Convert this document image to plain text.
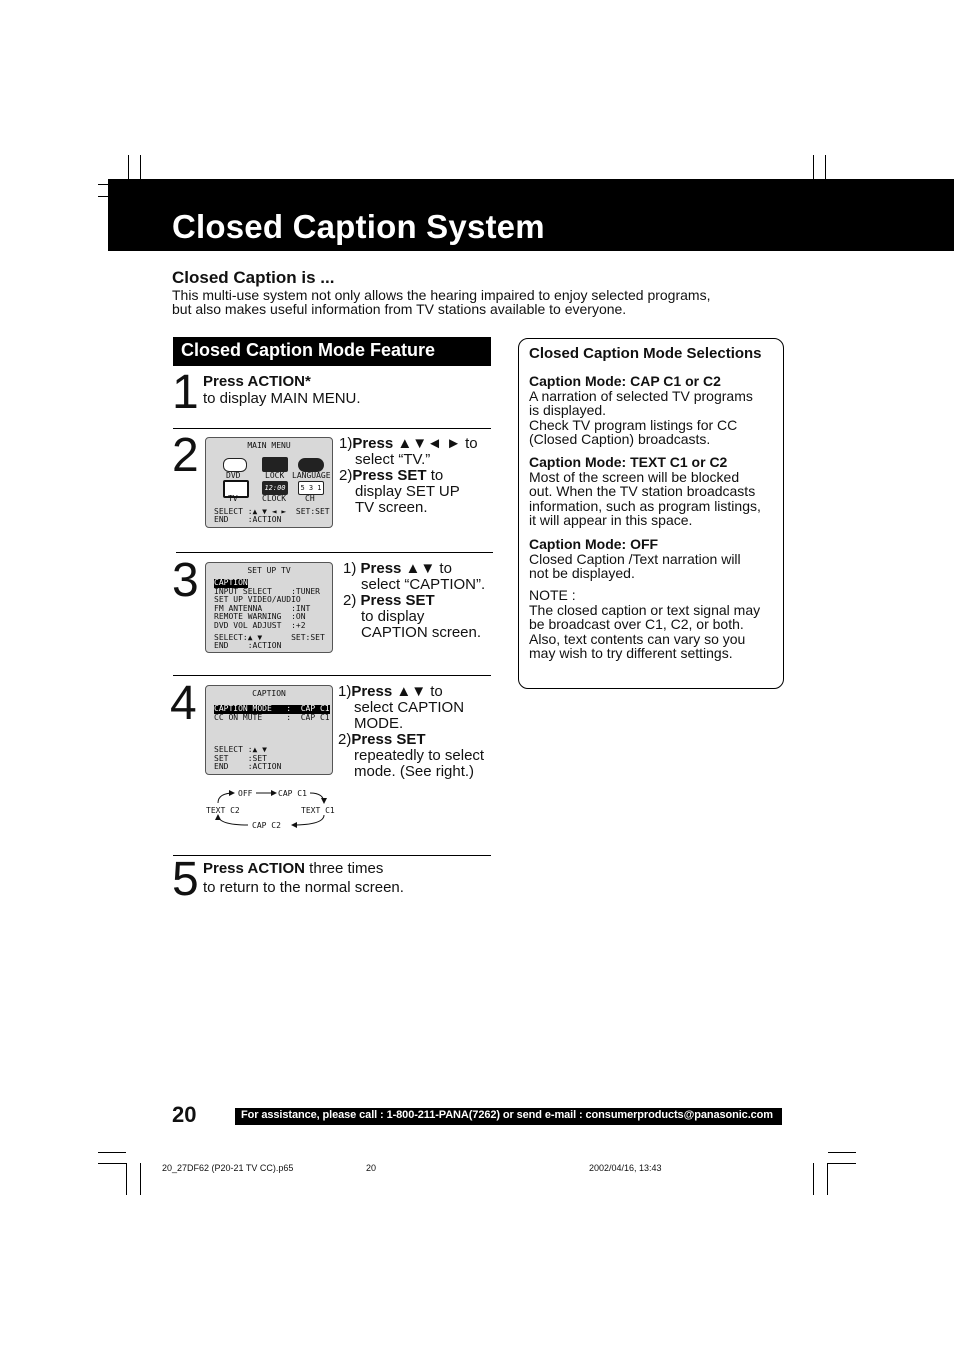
Closed Caption System
Closed Caption is ...
This multi-use system not only allows the hearing impaired to enjoy selected programs,
but also makes useful information from TV stations available to everyone.
Closed Caption Mode Feature
1 Press ACTION*
to display MAIN MENU.
2	MAIN MENU
DVD	LOCK LANGUAGE
12:00	5 3 1
TV	CLOCK CH
SELECT :▲ ▼ ◄ ►  SET:SET
END    :ACTION
1)Press ▲▼◄ ► to
select “TV.”
2)Press SET to
display SET UP
TV screen.
3	SET UP TV
CAPTION
INPUT SELECT    :TUNER
SET UP VIDEO/AUDIO
FM ANTENNA      :INT
REMOTE WARNING  :ON
DVD VOL ADJUST  :+2
SELECT:▲ ▼      SET:SET
END    :ACTION
1) Press ▲▼ to
select “CAPTION”.
2) Press SET
to display
CAPTION screen.
4	CAPTION
CAPTION MODE   :  CAP C1
CC ON MUTE     :  CAP C1
SELECT :▲ ▼
SET    :SET
END    :ACTION
1)Press ▲▼ to
select CAPTION
MODE.
2)Press SET
repeatedly to select
mode. (See right.)
OFF	CAP C1
TEXT C2	TEXT C1
CAP C2
5 Press ACTION three times
to return to the normal screen.
Closed Caption Mode Selections
Caption Mode: CAP C1 or C2
A narration of selected TV programs
is displayed.
Check TV program listings for CC
(Closed Caption) broadcasts.
Caption Mode: TEXT C1 or C2
Most of the screen will be blocked
out. When the TV station broadcasts
information, such as program listings,
it will appear in this space.
Caption Mode: OFF
Closed Caption /Text narration will
not be displayed.
NOTE :
The closed caption or text signal may
be broadcast over C1, C2, or both.
Also, text contents can vary so you
may wish to try different settings.
20	For assistance, please call : 1-800-211-PANA(7262) or send e-mail : consumerproducts@panasonic.com
20_27DF62 (P20-21 TV CC).p65	20	2002/04/16, 13:43
